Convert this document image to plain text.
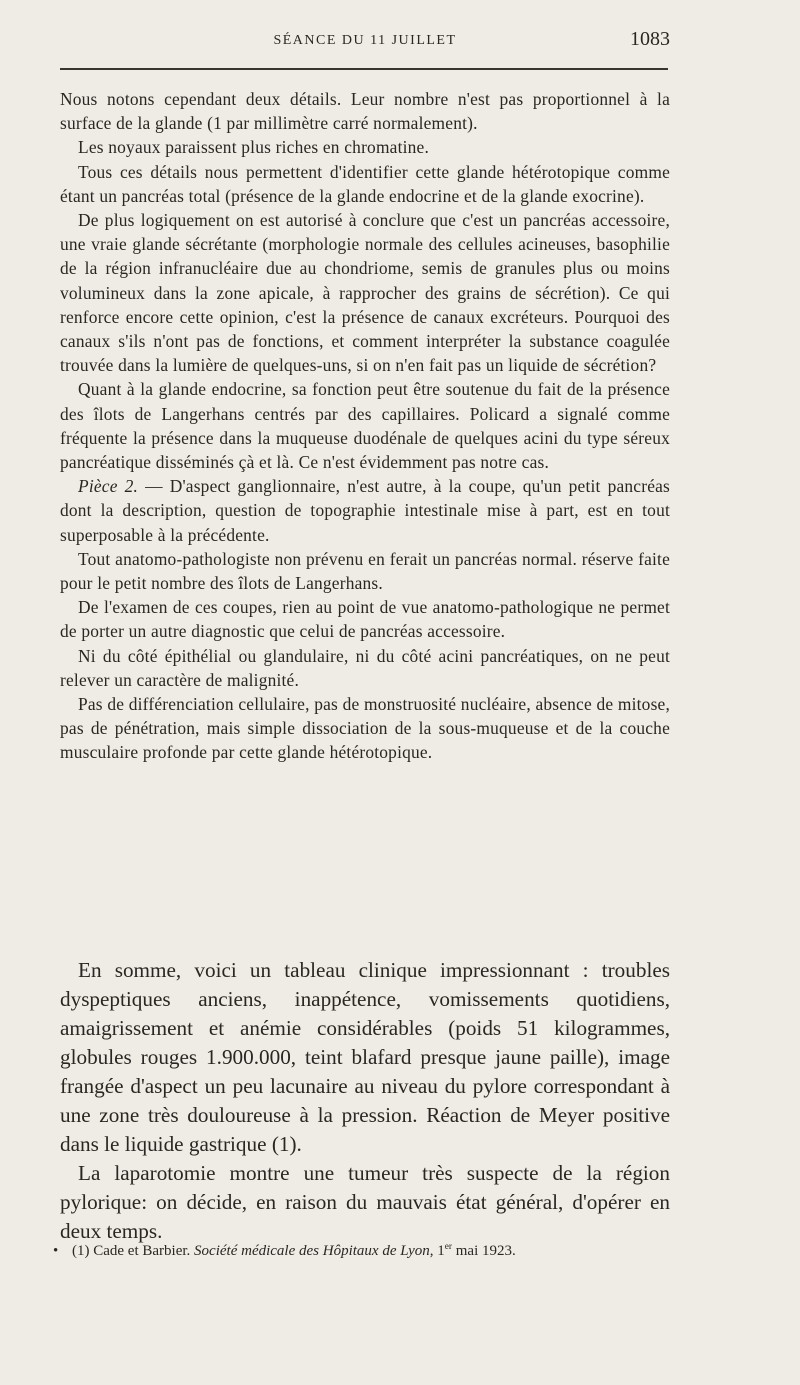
SÉANCE DU 11 JUILLET	1083

Nous notons cependant deux détails. Leur nombre n'est pas proportionnel à la surface de la glande (1 par millimètre carré normalement).

Les noyaux paraissent plus riches en chromatine.

Tous ces détails nous permettent d'identifier cette glande hétérotopique comme étant un pancréas total (présence de la glande endocrine et de la glande exocrine).

De plus logiquement on est autorisé à conclure que c'est un pancréas accessoire, une vraie glande sécrétante (morphologie normale des cellules acineuses, basophilie de la région infranucléaire due au chondriome, semis de granules plus ou moins volumineux dans la zone apicale, à rapprocher des grains de sécrétion). Ce qui renforce encore cette opinion, c'est la présence de canaux excréteurs. Pourquoi des canaux s'ils n'ont pas de fonctions, et comment interpréter la substance coagulée trouvée dans la lumière de quelques-uns, si on n'en fait pas un liquide de sécrétion?

Quant à la glande endocrine, sa fonction peut être soutenue du fait de la présence des îlots de Langerhans centrés par des capillaires. Policard a signalé comme fréquente la présence dans la muqueuse duodénale de quelques acini du type séreux pancréatique disséminés çà et là. Ce n'est évidemment pas notre cas.

Pièce 2. — D'aspect ganglionnaire, n'est autre, à la coupe, qu'un petit pancréas dont la description, question de topographie intestinale mise à part, est en tout superposable à la précédente.

Tout anatomo-pathologiste non prévenu en ferait un pancréas normal. réserve faite pour le petit nombre des îlots de Langerhans.

De l'examen de ces coupes, rien au point de vue anatomo-pathologique ne permet de porter un autre diagnostic que celui de pancréas accessoire.

Ni du côté épithélial ou glandulaire, ni du côté acini pancréatiques, on ne peut relever un caractère de malignité.

Pas de différenciation cellulaire, pas de monstruosité nucléaire, absence de mitose, pas de pénétration, mais simple dissociation de la sous-muqueuse et de la couche musculaire profonde par cette glande hétérotopique.

En somme, voici un tableau clinique impressionnant : troubles dyspeptiques anciens, inappétence, vomissements quotidiens, amaigrissement et anémie considérables (poids 51 kilogrammes, globules rouges 1.900.000, teint blafard presque jaune paille), image frangée d'aspect un peu lacunaire au niveau du pylore correspondant à une zone très douloureuse à la pression. Réaction de Meyer positive dans le liquide gastrique (1).

La laparotomie montre une tumeur très suspecte de la région pylorique: on décide, en raison du mauvais état général, d'opérer en deux temps.

• (1) Cade et Barbier. Société médicale des Hôpitaux de Lyon, 1er mai 1923.
